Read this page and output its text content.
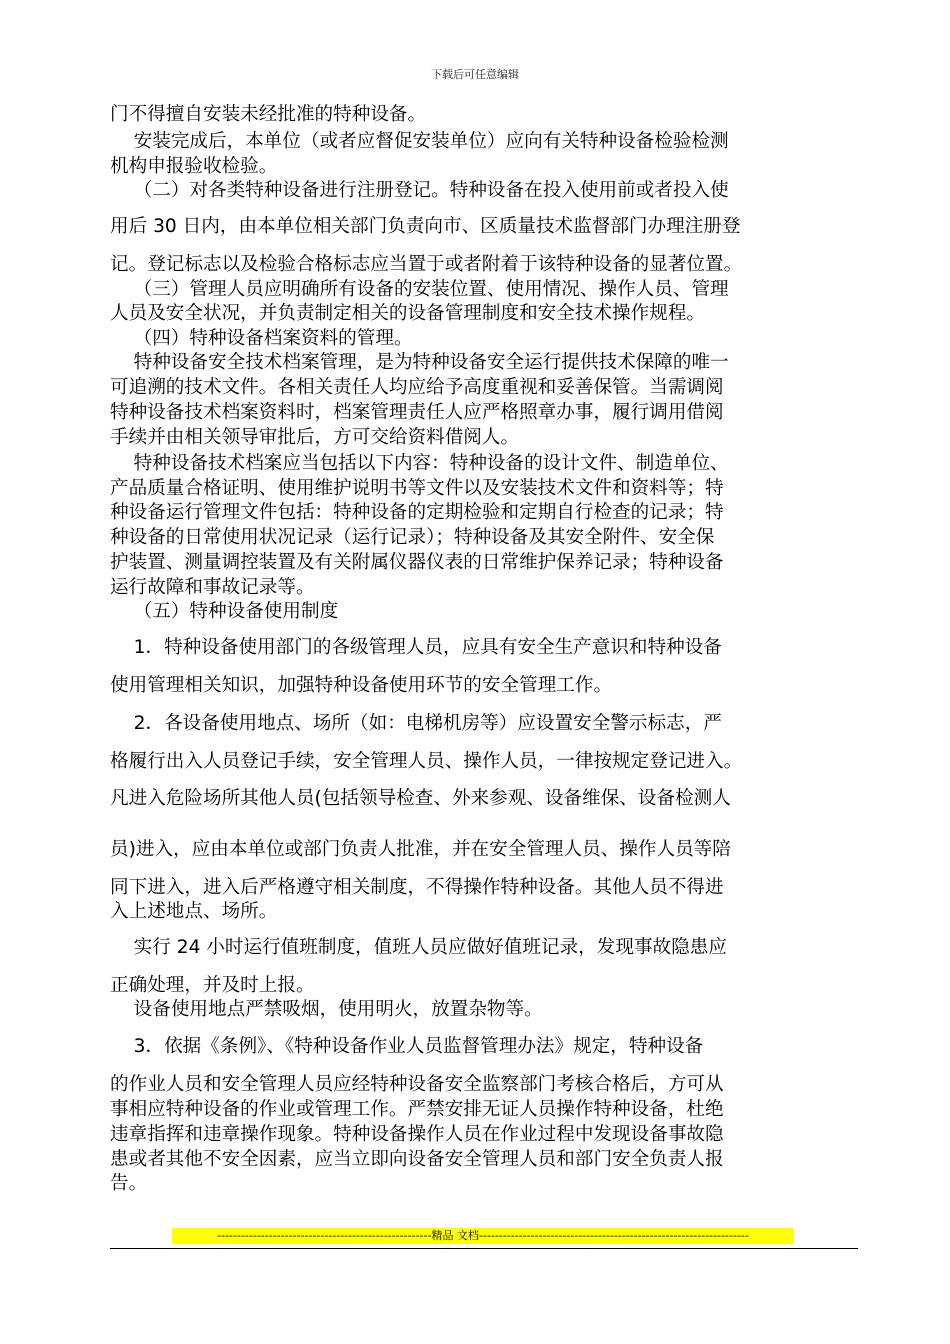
下载后可任意编辑
门不得擅自安装未经批准的特种设备。
安装完成后，本单位（或者应督促安装单位）应向有关特种设备检验检测
机构申报验收检验。
（二）对各类特种设备进行注册登记。特种设备在投入使用前或者投入使
用后 30 日内，由本单位相关部门负责向市、区质量技术监督部门办理注册登
记。登记标志以及检验合格标志应当置于或者附着于该特种设备的显著位置。
（三）管理人员应明确所有设备的安装位置、使用情况、操作人员、管理
人员及安全状况，并负责制定相关的设备管理制度和安全技术操作规程。
（四）特种设备档案资料的管理。
特种设备安全技术档案管理，是为特种设备安全运行提供技术保障的唯一
可追溯的技术文件。各相关责任人均应给予高度重视和妥善保管。当需调阅
特种设备技术档案资料时，档案管理责任人应严格照章办事，履行调用借阅
手续并由相关领导审批后，方可交给资料借阅人。
特种设备技术档案应当包括以下内容：特种设备的设计文件、制造单位、
产品质量合格证明、使用维护说明书等文件以及安装技术文件和资料等；特
种设备运行管理文件包括：特种设备的定期检验和定期自行检查的记录；特
种设备的日常使用状况记录（运行记录）；特种设备及其安全附件、安全保
护装置、测量调控装置及有关附属仪器仪表的日常维护保养记录；特种设备
运行故障和事故记录等。
（五）特种设备使用制度
1．特种设备使用部门的各级管理人员，应具有安全生产意识和特种设备
使用管理相关知识，加强特种设备使用环节的安全管理工作。
2．各设备使用地点、场所（如：电梯机房等）应设置安全警示标志，严
格履行出入人员登记手续，安全管理人员、操作人员，一律按规定登记进入。
凡进入危险场所其他人员(包括领导检查、外来参观、设备维保、设备检测人
员)进入，应由本单位或部门负责人批准，并在安全管理人员、操作人员等陪
同下进入，进入后严格遵守相关制度，不得操作特种设备。其他人员不得进
入上述地点、场所。
实行 24 小时运行值班制度，值班人员应做好值班记录，发现事故隐患应
正确处理，并及时上报。
设备使用地点严禁吸烟，使用明火，放置杂物等。
3．依据《条例》、《特种设备作业人员监督管理办法》规定，特种设备
的作业人员和安全管理人员应经特种设备安全监察部门考核合格后，方可从
事相应特种设备的作业或管理工作。严禁安排无证人员操作特种设备，杜绝
违章指挥和违章操作现象。特种设备操作人员在作业过程中发现设备事故隐
患或者其他不安全因素，应当立即向设备安全管理人员和部门安全负责人报
告。
------------------------------------------------------精品 文档--------------------------------------------------------------------
